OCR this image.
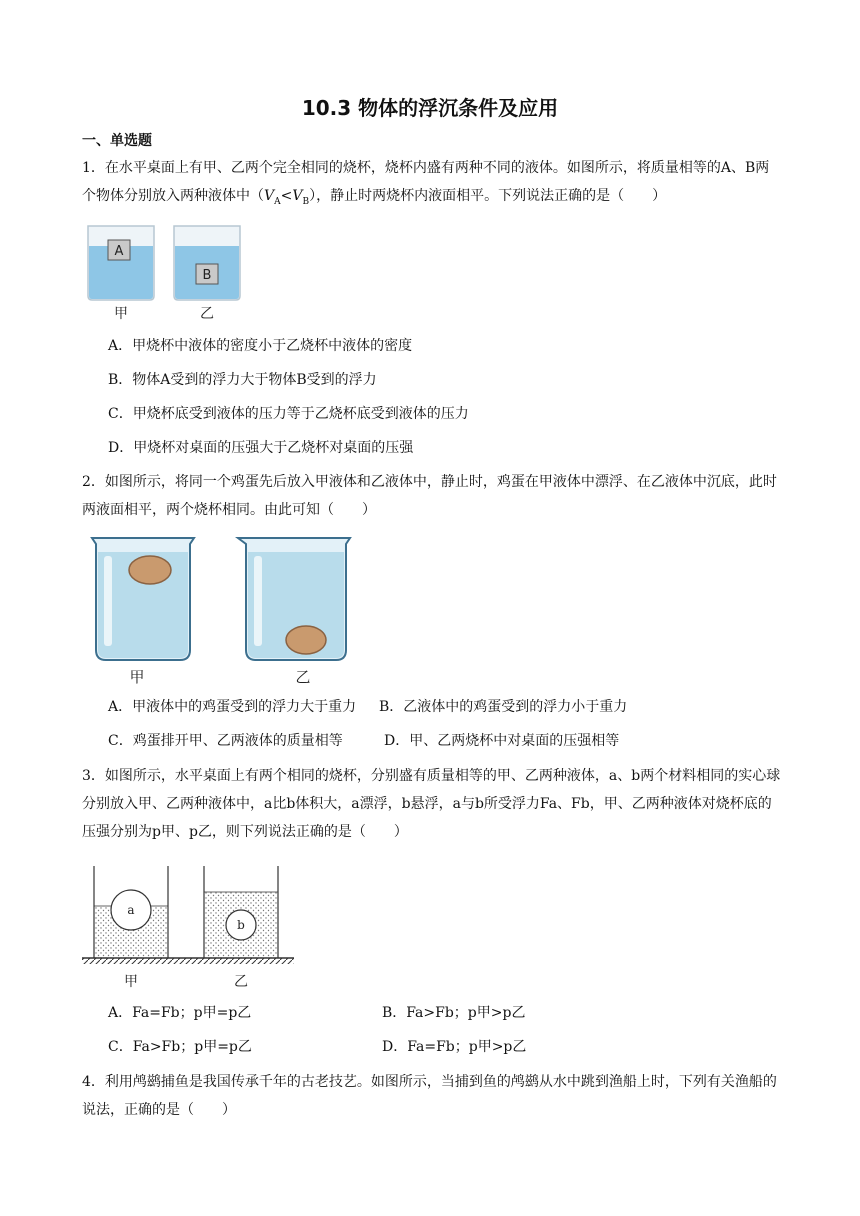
10.3 物体的浮沉条件及应用
一、单选题
1．在水平桌面上有甲、乙两个完全相同的烧杯，烧杯内盛有两种不同的液体。如图所示，将质量相等的A、B两个物体分别放入两种液体中$(V_A<V_B)$，静止时两烧杯内液面相平。下列说法正确的是（　　）
A
B
甲	乙
A．甲烧杯中液体的密度小于乙烧杯中液体的密度
B．物体A受到的浮力大于物体B受到的浮力
C．甲烧杯底受到液体的压力等于乙烧杯底受到液体的压力
D．甲烧杯对桌面的压强大于乙烧杯对桌面的压强
2．如图所示，将同一个鸡蛋先后放入甲液体和乙液体中，静止时，鸡蛋在甲液体中漂浮、在乙液体中沉底，此时两液面相平，两个烧杯相同。由此可知（　　）
甲	乙
A．甲液体中的鸡蛋受到的浮力大于重力 B．乙液体中的鸡蛋受到的浮力小于重力
C．鸡蛋排开甲、乙两液体的质量相等	D．甲、乙两烧杯中对桌面的压强相等
3．如图所示，水平桌面上有两个相同的烧杯，分别盛有质量相等的甲、乙两种液体，a、b两个材料相同的实心球分别放入甲、乙两种液体中，a比b体积大，a漂浮，b悬浮，a与b所受浮力Fa、Fb，甲、乙两种液体对烧杯底的压强分别为p甲、p乙，则下列说法正确的是（　　）
a
b
甲	乙
A．Fa=Fb；p甲=p乙	B．Fa>Fb；p甲>p乙
C．Fa>Fb；p甲=p乙	D．Fa=Fb；p甲>p乙
4．利用鸬鹚捕鱼是我国传承千年的古老技艺。如图所示，当捕到鱼的鸬鹚从水中跳到渔船上时，下列有关渔船的说法，正确的是（　　）
